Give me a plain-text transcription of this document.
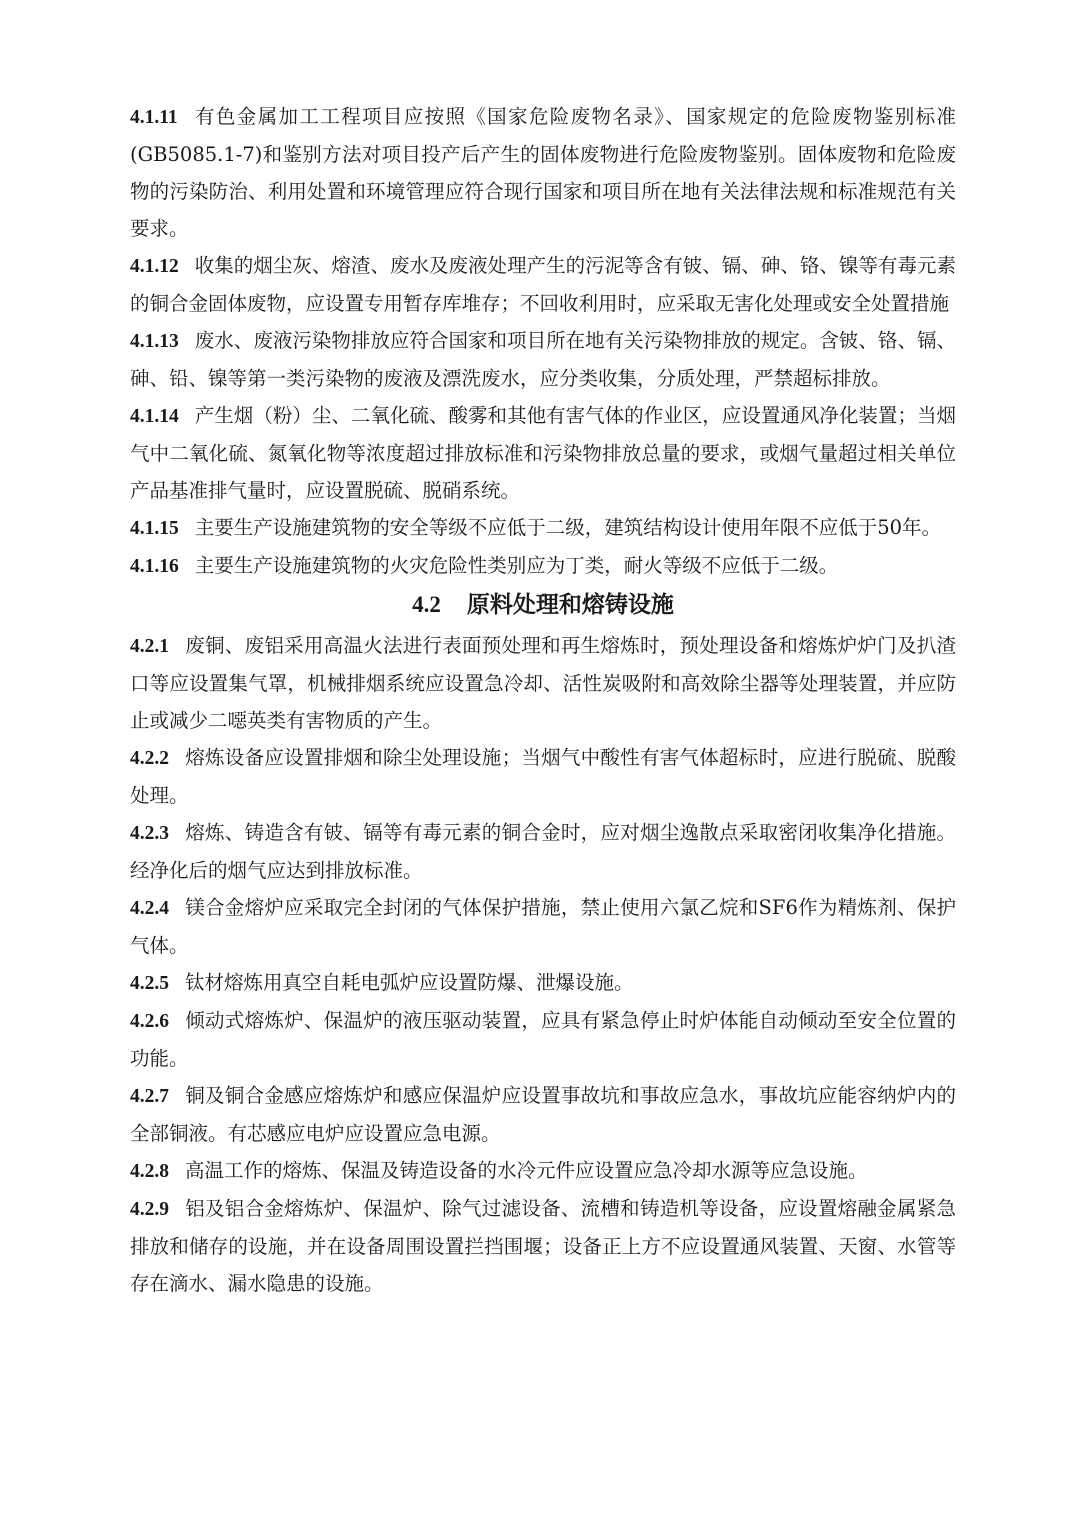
4.1.11 有色金属加工工程项目应按照《国家危险废物名录》、国家规定的危险废物鉴别标准(GB5085.1-7)和鉴别方法对项目投产后产生的固体废物进行危险废物鉴别。固体废物和危险废物的污染防治、利用处置和环境管理应符合现行国家和项目所在地有关法律法规和标准规范有关要求。

4.1.12 收集的烟尘灰、熔渣、废水及废液处理产生的污泥等含有铍、镉、砷、铬、镍等有毒元素的铜合金固体废物，应设置专用暂存库堆存；不回收利用时，应采取无害化处理或安全处置措施

4.1.13 废水、废液污染物排放应符合国家和项目所在地有关污染物排放的规定。含铍、铬、镉、砷、铅、镍等第一类污染物的废液及漂洗废水，应分类收集，分质处理，严禁超标排放。

4.1.14 产生烟（粉）尘、二氧化硫、酸雾和其他有害气体的作业区，应设置通风净化装置；当烟气中二氧化硫、氮氧化物等浓度超过排放标准和污染物排放总量的要求，或烟气量超过相关单位产品基准排气量时，应设置脱硫、脱硝系统。

4.1.15 主要生产设施建筑物的安全等级不应低于二级，建筑结构设计使用年限不应低于50年。

4.1.16 主要生产设施建筑物的火灾危险性类别应为丁类，耐火等级不应低于二级。

4.2 原料处理和熔铸设施

4.2.1 废铜、废铝采用高温火法进行表面预处理和再生熔炼时，预处理设备和熔炼炉炉门及扒渣口等应设置集气罩，机械排烟系统应设置急冷却、活性炭吸附和高效除尘器等处理装置，并应防止或减少二噁英类有害物质的产生。

4.2.2 熔炼设备应设置排烟和除尘处理设施；当烟气中酸性有害气体超标时，应进行脱硫、脱酸处理。

4.2.3 熔炼、铸造含有铍、镉等有毒元素的铜合金时，应对烟尘逸散点采取密闭收集净化措施。经净化后的烟气应达到排放标准。

4.2.4 镁合金熔炉应采取完全封闭的气体保护措施，禁止使用六氯乙烷和SF6作为精炼剂、保护气体。

4.2.5 钛材熔炼用真空自耗电弧炉应设置防爆、泄爆设施。

4.2.6 倾动式熔炼炉、保温炉的液压驱动装置，应具有紧急停止时炉体能自动倾动至安全位置的功能。

4.2.7 铜及铜合金感应熔炼炉和感应保温炉应设置事故坑和事故应急水，事故坑应能容纳炉内的全部铜液。有芯感应电炉应设置应急电源。

4.2.8 高温工作的熔炼、保温及铸造设备的水冷元件应设置应急冷却水源等应急设施。

4.2.9 铝及铝合金熔炼炉、保温炉、除气过滤设备、流槽和铸造机等设备，应设置熔融金属紧急排放和储存的设施，并在设备周围设置拦挡围堰；设备正上方不应设置通风装置、天窗、水管等存在滴水、漏水隐患的设施。
